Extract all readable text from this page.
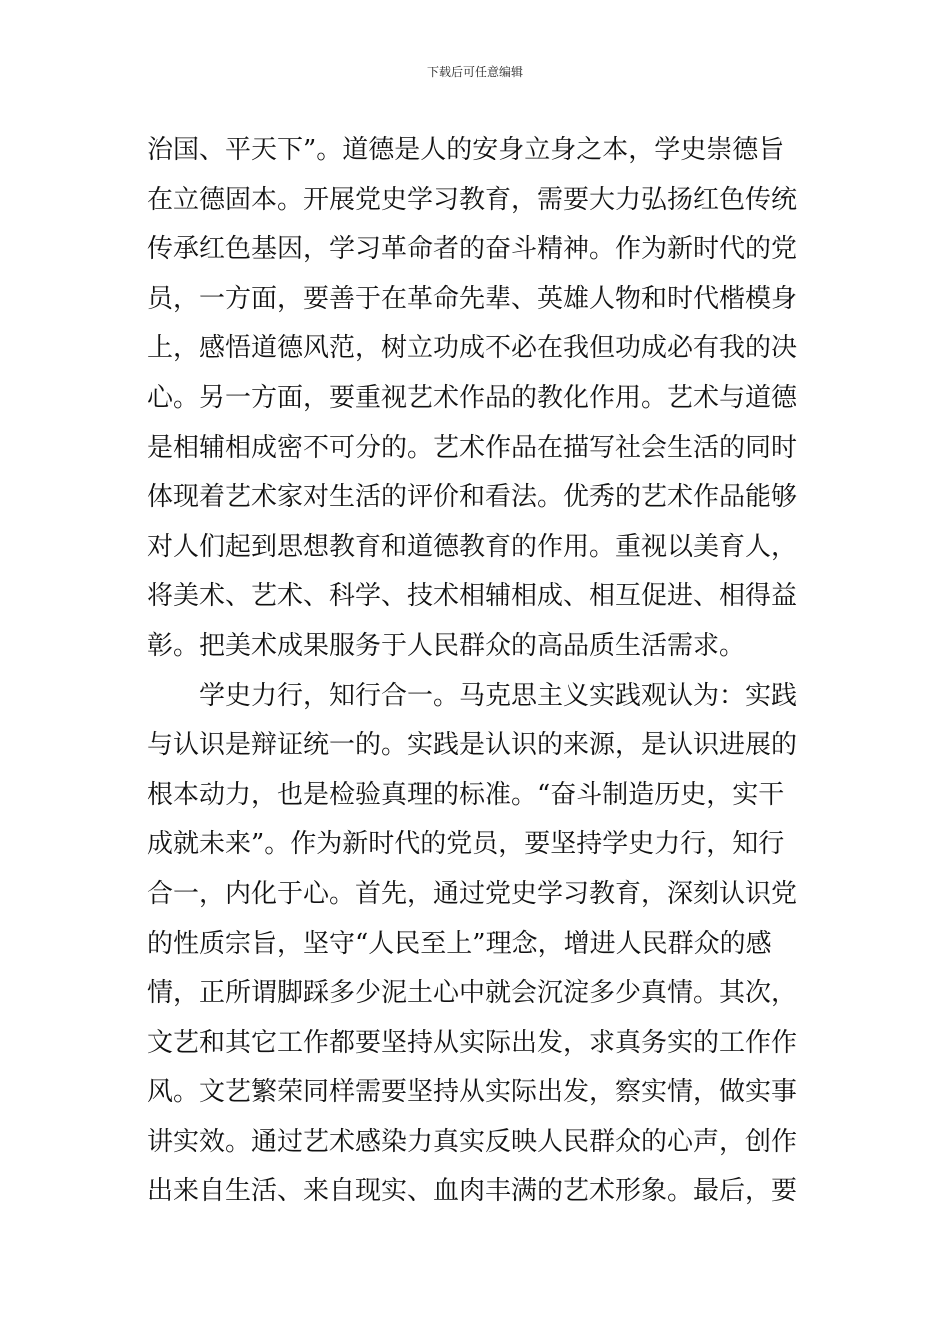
下载后可任意编辑
治国、平天下”。道德是人的安身立身之本，学史崇德旨
在立德固本。开展党史学习教育，需要大力弘扬红色传统
传承红色基因，学习革命者的奋斗精神。作为新时代的党
员，一方面，要善于在革命先辈、英雄人物和时代楷模身
上，感悟道德风范，树立功成不必在我但功成必有我的决
心。另一方面，要重视艺术作品的教化作用。艺术与道德
是相辅相成密不可分的。艺术作品在描写社会生活的同时
体现着艺术家对生活的评价和看法。优秀的艺术作品能够
对人们起到思想教育和道德教育的作用。重视以美育人，
将美术、艺术、科学、技术相辅相成、相互促进、相得益
彰。把美术成果服务于人民群众的高品质生活需求。
学史力行，知行合一。马克思主义实践观认为：实践
与认识是辩证统一的。实践是认识的来源，是认识进展的
根本动力，也是检验真理的标准。“奋斗制造历史，实干
成就未来”。作为新时代的党员，要坚持学史力行，知行
合一，内化于心。首先，通过党史学习教育，深刻认识党
的性质宗旨，坚守“人民至上”理念，增进人民群众的感
情，正所谓脚踩多少泥土心中就会沉淀多少真情。其次，
文艺和其它工作都要坚持从实际出发，求真务实的工作作
风。文艺繁荣同样需要坚持从实际出发，察实情，做实事
讲实效。通过艺术感染力真实反映人民群众的心声，创作
出来自生活、来自现实、血肉丰满的艺术形象。最后，要
